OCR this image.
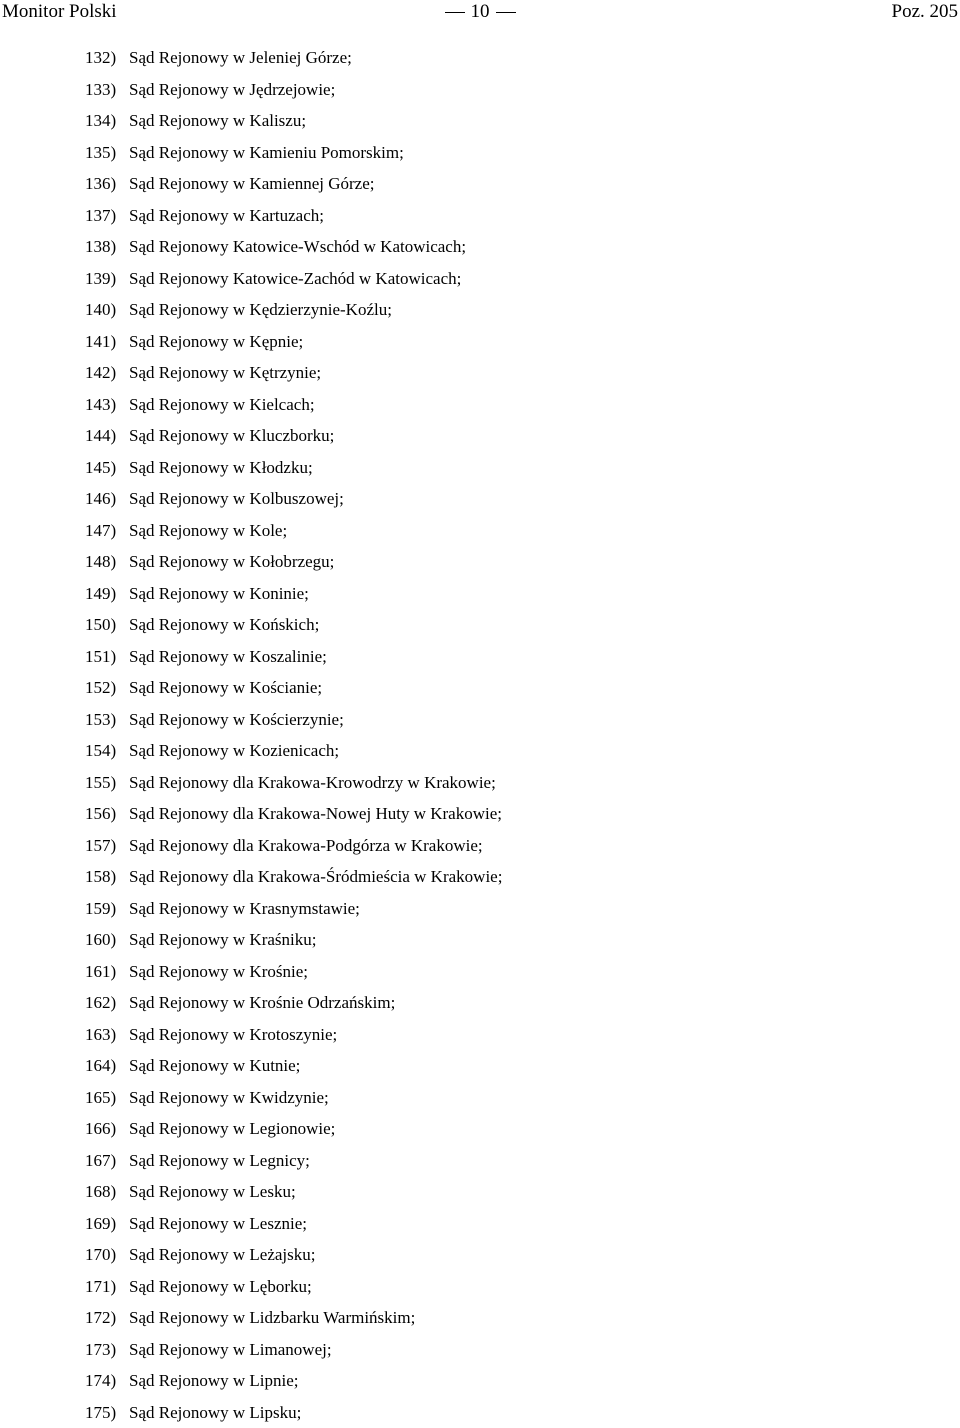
Monitor Polski	10	Poz. 205
132) Sąd Rejonowy w Jeleniej Górze;
133) Sąd Rejonowy w Jędrzejowie;
134) Sąd Rejonowy w Kaliszu;
135) Sąd Rejonowy w Kamieniu Pomorskim;
136) Sąd Rejonowy w Kamiennej Górze;
137) Sąd Rejonowy w Kartuzach;
138) Sąd Rejonowy Katowice-Wschód w Katowicach;
139) Sąd Rejonowy Katowice-Zachód w Katowicach;
140) Sąd Rejonowy w Kędzierzynie-Koźlu;
141) Sąd Rejonowy w Kępnie;
142) Sąd Rejonowy w Kętrzynie;
143) Sąd Rejonowy w Kielcach;
144) Sąd Rejonowy w Kluczborku;
145) Sąd Rejonowy w Kłodzku;
146) Sąd Rejonowy w Kolbuszowej;
147) Sąd Rejonowy w Kole;
148) Sąd Rejonowy w Kołobrzegu;
149) Sąd Rejonowy w Koninie;
150) Sąd Rejonowy w Końskich;
151) Sąd Rejonowy w Koszalinie;
152) Sąd Rejonowy w Kościanie;
153) Sąd Rejonowy w Kościerzynie;
154) Sąd Rejonowy w Kozienicach;
155) Sąd Rejonowy dla Krakowa-Krowodrzy w Krakowie;
156) Sąd Rejonowy dla Krakowa-Nowej Huty w Krakowie;
157) Sąd Rejonowy dla Krakowa-Podgórza w Krakowie;
158) Sąd Rejonowy dla Krakowa-Śródmieścia w Krakowie;
159) Sąd Rejonowy w Krasnymstawie;
160) Sąd Rejonowy w Kraśniku;
161) Sąd Rejonowy w Krośnie;
162) Sąd Rejonowy w Krośnie Odrzańskim;
163) Sąd Rejonowy w Krotoszynie;
164) Sąd Rejonowy w Kutnie;
165) Sąd Rejonowy w Kwidzynie;
166) Sąd Rejonowy w Legionowie;
167) Sąd Rejonowy w Legnicy;
168) Sąd Rejonowy w Lesku;
169) Sąd Rejonowy w Lesznie;
170) Sąd Rejonowy w Leżajsku;
171) Sąd Rejonowy w Lęborku;
172) Sąd Rejonowy w Lidzbarku Warmińskim;
173) Sąd Rejonowy w Limanowej;
174) Sąd Rejonowy w Lipnie;
175) Sąd Rejonowy w Lipsku;
